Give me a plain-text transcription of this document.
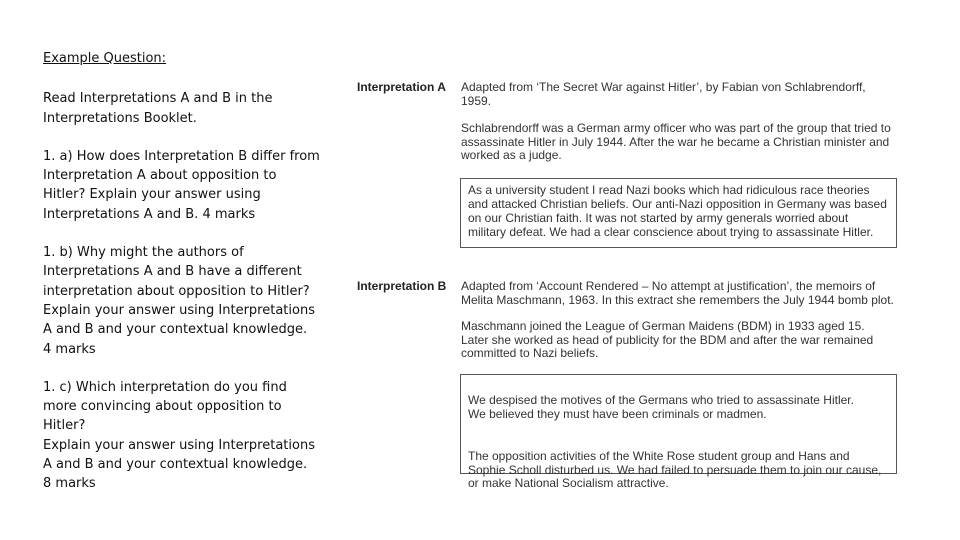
Example Question:

Read Interpretations A and B in the
Interpretations Booklet.

1. a) How does Interpretation B differ from
Interpretation A about opposition to
Hitler? Explain your answer using
Interpretations A and B. 4 marks

1. b) Why might the authors of
Interpretations A and B have a different
interpretation about opposition to Hitler?
Explain your answer using Interpretations
A and B and your contextual knowledge.
4 marks

1. c) Which interpretation do you find
more convincing about opposition to
Hitler?
Explain your answer using Interpretations
A and B and your contextual knowledge.
8 marks

Interpretation A Adapted from ‘The Secret War against Hitler’, by Fabian von Schlabrendorff,
1959.
Schlabrendorff was a German army officer who was part of the group that tried to
assassinate Hitler in July 1944. After the war he became a Christian minister and
worked as a judge.
As a university student I read Nazi books which had ridiculous race theories
and attacked Christian beliefs. Our anti-Nazi opposition in Germany was based
on our Christian faith. It was not started by army generals worried about
military defeat. We had a clear conscience about trying to assassinate Hitler.
Interpretation B Adapted from ‘Account Rendered – No attempt at justification’, the memoirs of
Melita Maschmann, 1963. In this extract she remembers the July 1944 bomb plot.
Maschmann joined the League of German Maidens (BDM) in 1933 aged 15.
Later she worked as head of publicity for the BDM and after the war remained
committed to Nazi beliefs.

We despised the motives of the Germans who tried to assassinate Hitler.
We believed they must have been criminals or madmen.

The opposition activities of the White Rose student group and Hans and
Sophie Scholl disturbed us. We had failed to persuade them to join our cause,
or make National Socialism attractive.
